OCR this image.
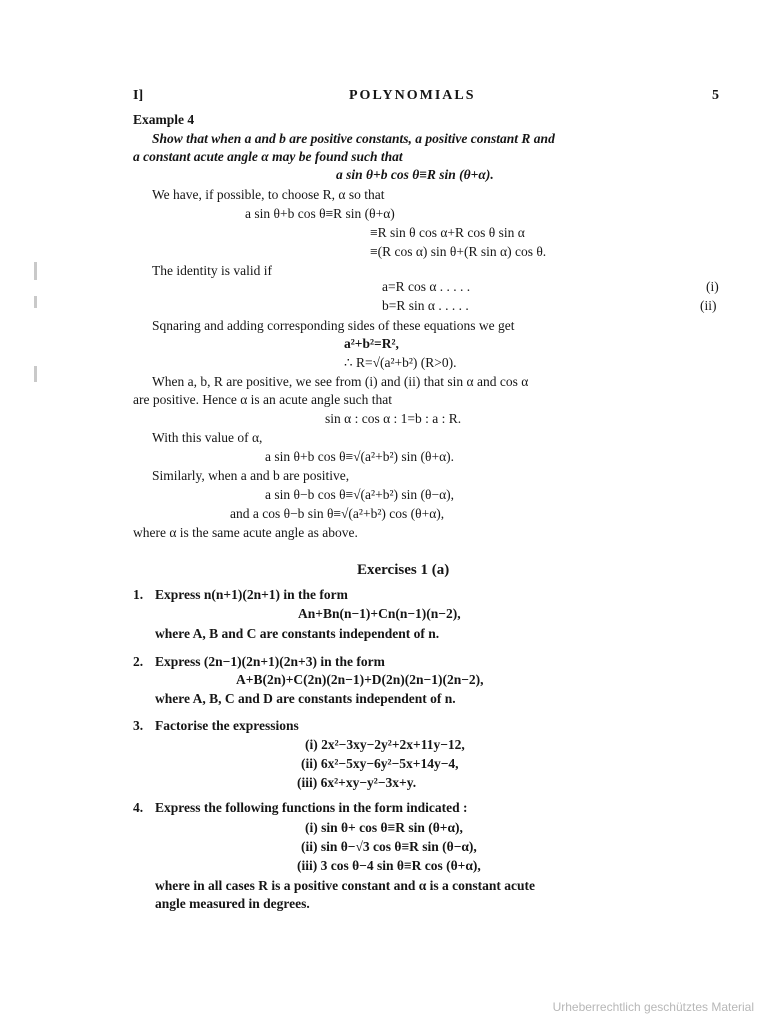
I]	POLYNOMIALS	5
Example 4
Show that when a and b are positive constants, a positive constant R and
a constant acute angle α may be found such that
a sin θ+b cos θ≡R sin (θ+α).
We have, if possible, to choose R, α so that
a sin θ+b cos θ≡R sin (θ+α)
≡R sin θ cos α+R cos θ sin α
≡(R cos α) sin θ+(R sin α) cos θ.
The identity is valid if
a=R cos α . . . . .	(i)
b=R sin α . . . . .	(ii)
Sqnaring and adding corresponding sides of these equations we get
a²+b²=R²,
∴ R=√(a²+b²) (R>0).
When a, b, R are positive, we see from (i) and (ii) that sin α and cos α
are positive. Hence α is an acute angle such that
sin α : cos α : 1=b : a : R.
With this value of α,
a sin θ+b cos θ≡√(a²+b²) sin (θ+α).
Similarly, when a and b are positive,
a sin θ−b cos θ≡√(a²+b²) sin (θ−α),
and a cos θ−b sin θ≡√(a²+b²) cos (θ+α),
where α is the same acute angle as above.
Exercises 1 (a)
1. Express n(n+1)(2n+1) in the form
An+Bn(n−1)+Cn(n−1)(n−2),
where A, B and C are constants independent of n.
2. Express (2n−1)(2n+1)(2n+3) in the form
A+B(2n)+C(2n)(2n−1)+D(2n)(2n−1)(2n−2),
where A, B, C and D are constants independent of n.
3. Factorise the expressions
(i) 2x²−3xy−2y²+2x+11y−12,
(ii) 6x²−5xy−6y²−5x+14y−4,
(iii) 6x²+xy−y²−3x+y.
4. Express the following functions in the form indicated :
(i) sin θ+ cos θ≡R sin (θ+α),
(ii) sin θ−√3 cos θ≡R sin (θ−α),
(iii) 3 cos θ−4 sin θ≡R cos (θ+α),
where in all cases R is a positive constant and α is a constant acute
angle measured in degrees.
Urheberrechtlich geschütztes Material
